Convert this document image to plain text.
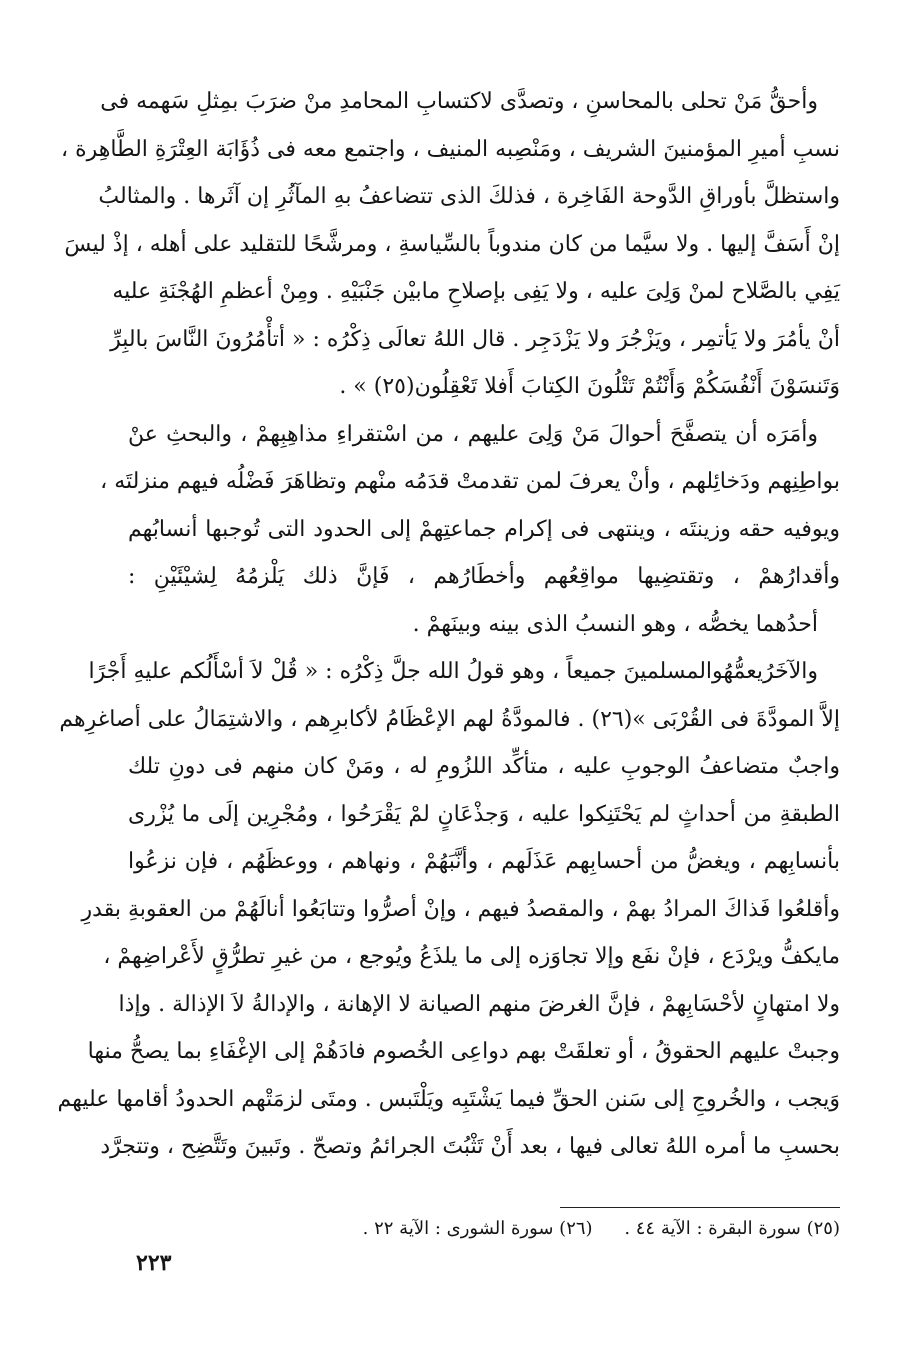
وأحقُّ مَنْ تحلى بالمحاسنِ ، وتصدَّى لاكتسابِ المحامدِ منْ ضرَبَ بمِثلِ سَهمه فى
نسبِ أميرِ المؤمنينَ الشريف ، ومَنْصِبه المنيف ، واجتمع معه فى ذُؤَابَة العِتْرَةِ الطَّاهِرة ،
واستظلَّ بأوراقِ الدَّوحة الفَاخِرة ، فذلكَ الذى تتضاعفُ بهِ المآثُرِ إن آثَرها . والمثالبُ
إنْ أَسَفَّ إليها . ولا سيَّما من كان مندوباً بالسِّياسةِ ، ومرشَّحًا للتقليد على أهله ، إذْ ليسَ
يَفِي بالصَّلاح لمنْ وَلِىَ عليه ، ولا يَفِى بإصلاحِ مابيْن جَنْبَيْهِ . ومِنْ أعظمِ الهُجْنَةِ عليه
أنْ يأمُرَ ولا يَأتمِر ، ويَزْجُرَ ولا يَزْدَجِر . قال اللهُ تعالَى ذِكْرُه : « أتأْمُرُونَ النَّاسَ بالبِرِّ
وَتَنسَوْنَ أَنْفُسَكُمْ وَأَنْتُمْ تَتْلُونَ الكِتابَ أَفلا تَعْقِلُون(٢٥) » .
وأمَرَه أن يتصفَّحَ أحوالَ مَنْ وَلِىَ عليهم ، من اسْتقراءِ مذاهِبِهمْ ، والبحثِ عنْ
بواطِنِهم ودَخائِلهم ، وأنْ يعرفَ لمن تقدمتْ قدَمُه منْهم وتظاهَرَ فَضْلُه فيهم منزلتَه ،
ويوفيه حقه وزينتَه ، وينتهى فى إكرام جماعتِهمْ إلى الحدود التى تُوجبها أنسابُهم
وأقدارُهمْ ، وتقتضِيها مواقِعُهم وأخطَارُهم ، فَإنَّ ذلك يَلْزمُهُ لِشيْئَيْنِ :
أحدُهما يخصُّه ، وهو النسبُ الذى بينه وبينَهمْ .
والآخَرُيعمُّهُوالمسلمينَ جميعاً ، وهو قولُ الله جلَّ ذِكْرُه : « قُلْ لاَ أسْأَلُكم عليهِ أَجْرًا
إلاَّ المودَّةَ فى القُرْبَى »(٢٦) . فالمودَّةُ لهم الإعْظَامُ لأكابرِهم ، والاشتِمَالُ على أصاغرِهم
واجبٌ متضاعفُ الوجوبِ عليه ، متأكِّد اللزُومِ له ، ومَنْ كان منهم فى دونِ تلك
الطبقةِ من أحداثٍ لم يَحْتَنِكوا عليه ، وَجذْعَانٍ لمْ يَقْرَحُوا ، ومُجْرِين إلَى ما يُزْرى
بأنسابِهم ، ويغضُّ من أحسابِهم عَذَلَهم ، وأنَّبَهُمْ ، ونهاهم ، ووعظَهُم ، فإن نزعُوا
وأقلعُوا فَذاكَ المرادُ بهمْ ، والمقصدُ فيهم ، وإنْ أصرُّوا وتتابَعُوا أنالَهُمْ من العقوبةِ بقدرِ
مايكفُّ ويرْدَع ، فإنْ نفَع وإلا تجاوَزه إلى ما يلذَعُ ويُوجع ، من غيرِ تطرُّقٍ لأَعْراضِهمْ ،
ولا امتهانٍ لأحْسَابِهمْ ، فإنَّ الغرضَ منهم الصيانة لا الإهانة ، والإدالةُ لاَ الإذالة . وإذا
وجبتْ عليهم الحقوقُ ، أو تعلقَتْ بهم دواعِى الخُصوم فادَهُمْ إلى الإغْفَاءِ بما يصحُّ منها
وَيجب ، والخُروجِ إلى سَنن الحقِّ فيما يَشْتَبِه ويَلْتَبس . ومتَى لزمَتْهم الحدودُ أقامها عليهم
بحسبِ ما أمره اللهُ تعالى فيها ، بعد أَنْ تَثْبُتَ الجرائمُ وتصحّ . وتَبينَ وتَتَّضِح ، وتتجرَّد
(٢٥) سورة البقرة : الآية ٤٤ . (٢٦) سورة الشورى : الآية ٢٢ .
٢٢٣
